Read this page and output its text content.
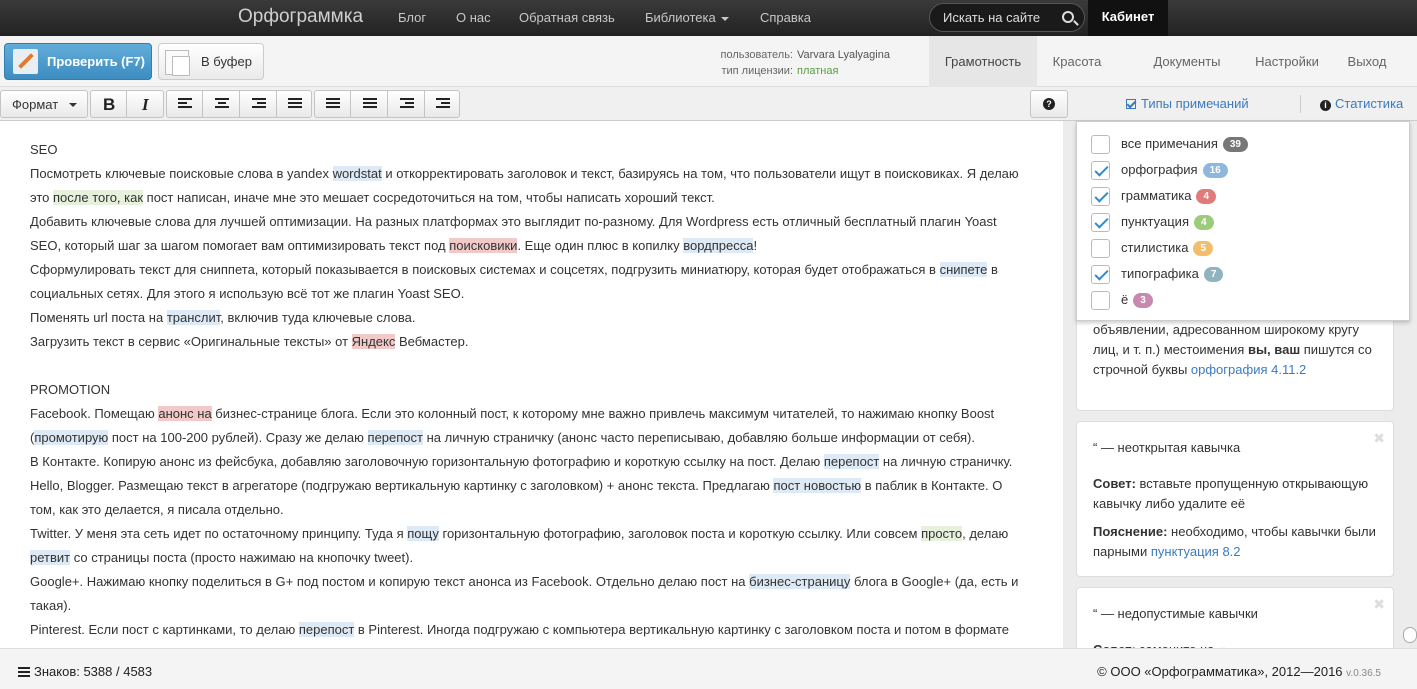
Орфограммка	Блог О нас Обратная связь Библиотека	Справка
Искать на сайте	Кабинет
Проверить (F7)	В буфер	пользователь: Varvara Lyalyagina
тип лицензии: платная
Грамотность	Красота	Документы	Настройки	Выход
Формат	B I	?	Типы примечаний	i Статистика

SEO

Посмотреть ключевые поисковые слова в yandex wordstat и откорректировать заголовок и текст, базируясь на том, что пользователи ищут в поисковиках. Я делаю это после того, как пост написан, иначе мне это мешает сосредоточиться на том, чтобы написать хороший текст.

Добавить ключевые слова для лучшей оптимизации. На разных платформах это выглядит по-разному. Для Wordpress есть отличный бесплатный плагин Yoast SEO, который шаг за шагом помогает вам оптимизировать текст под поисковики. Еще один плюс в копилку вордпресса!

Сформулировать текст для сниппета, который показывается в поисковых системах и соцсетях, подгрузить миниатюру, которая будет отображаться в снипете в социальных сетях. Для этого я использую всё тот же плагин Yoast SEO.

Поменять url поста на транслит, включив туда ключевые слова.

Загрузить текст в сервис «Оригинальные тексты» от Яндекс Вебмастер.

PROMOTION

Facebook. Помещаю анонс на бизнес-странице блога. Если это колонный пост, к которому мне важно привлечь максимум читателей, то нажимаю кнопку Boost (промотирую пост на 100-200 рублей). Сразу же делаю перепост на личную страничку (анонс часто переписываю, добавляю больше информации от себя).

В Контакте. Копирую анонс из фейсбука, добавляю заголовочную горизонтальную фотографию и короткую ссылку на пост. Делаю перепост на личную страничку.

Hello, Blogger. Размещаю текст в агрегаторе (подгружаю вертикальную картинку с заголовком) + анонс текста. Предлагаю пост новостью в паблик в Контакте. О том, как это делается, я писала отдельно.

Twitter. У меня эта сеть идет по остаточному принципу. Туда я пощу горизонтальную фотографию, заголовок поста и короткую ссылку. Или совсем просто, делаю ретвит со страницы поста (просто нажимаю на кнопочку tweet).

Google+. Нажимаю кнопку поделиться в G+ под постом и копирую текст анонса из Facebook. Отдельно делаю пост на бизнес-страницу блога в Google+ (да, есть и такая).

Pinterest. Если пост с картинками, то делаю перепост в Pinterest. Иногда подгружаю с компьютера вертикальную картинку с заголовком поста и потом в формате

объявлении, адресованном широкому кругу лиц, и т. п.) местоимения вы, ваш пишутся со строчной буквы орфография 4.11.2
✖
“ — неоткрытая кавычка
Совет: вставьте пропущенную открывающую кавычку либо удалите её
Пояснение: необходимо, чтобы кавычки были парными пунктуация 8.2
✖
“ — недопустимые кавычки
все примечания 39
орфография 16
грамматика 4
пунктуация 4
стилистика 5
типографика 7
ё 3
Знаков: 5388 / 4583	© ООО «Орфограмматика», 2012—2016 v.0.36.5
